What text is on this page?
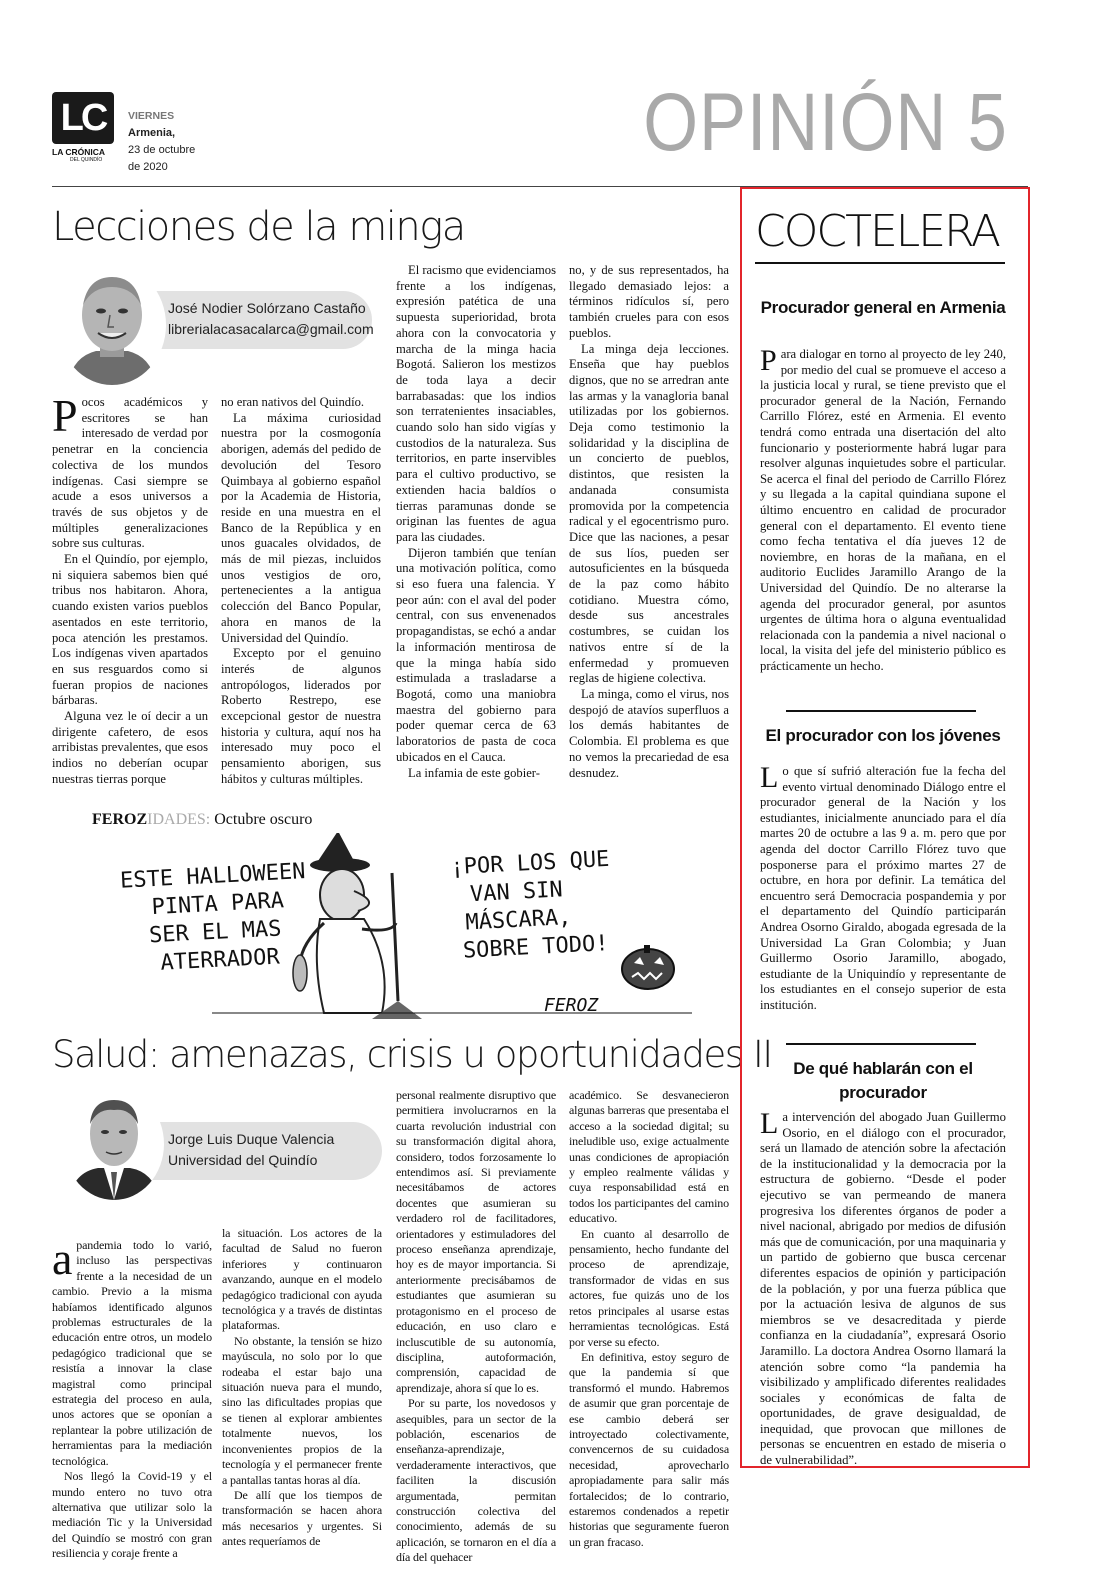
LC
LA CRÓNICA
DEL QUINDÍO
VIERNES
Armenia,
23 de octubre
de 2020	OPINIÓN 5
Lecciones de la minga
José Nodier Solórzano Castaño
librerialacasacalarca@gmail.com

Pocos académicos y escritores se han interesado de verdad por penetrar en la conciencia colectiva de los mundos indígenas. Casi siempre se acude a esos universos a través de sus objetos y de múltiples generalizaciones sobre sus culturas.

En el Quindío, por ejemplo, ni siquiera sabemos bien qué tribus nos habitaron. Ahora, cuando existen varios pueblos asentados en este territorio, poca atención les prestamos. Los indígenas viven apartados en sus resguardos como si fueran propios de naciones bárbaras.

Alguna vez le oí decir a un dirigente cafetero, de esos arribistas prevalentes, que esos indios no deberían ocupar nuestras tierras porque

no eran nativos del Quindío.

La máxima curiosidad nuestra por la cosmogonía aborigen, además del pedido de devolución del Tesoro Quimbaya al gobierno español por la Academia de Historia, reside en una muestra en el Banco de la República y en unos guacales olvidados, de más de mil piezas, incluidos unos vestigios de oro, pertenecientes a la antigua colección del Banco Popular, ahora en manos de la Universidad del Quindío.

Excepto por el genuino interés de algunos antropólogos, liderados por Roberto Restrepo, ese excepcional gestor de nuestra historia y cultura, aquí nos ha interesado muy poco el pensamiento aborigen, sus hábitos y culturas múltiples.

El racismo que evidenciamos frente a los indígenas, expresión patética de una supuesta superioridad, brota ahora con la convocatoria y marcha de la minga hacia Bogotá. Salieron los mestizos de toda laya a decir barrabasadas: que los indios son terratenientes insaciables, cuando solo han sido vigías y custodios de la naturaleza. Sus territorios, en parte inservibles para el cultivo productivo, se extienden hacia baldíos o tierras paramunas donde se originan las fuentes de agua para las ciudades.

Dijeron también que tenían una motivación política, como si eso fuera una falencia. Y peor aún: con el aval del poder central, con sus envenenados propagandistas, se echó a andar la información mentirosa de que la minga había sido estimulada a trasladarse a Bogotá, como una maniobra maestra del gobierno para poder quemar cerca de 63 laboratorios de pasta de coca ubicados en el Cauca.

La infamia de este gobier-

no, y de sus representados, ha llegado demasiado lejos: a términos ridículos sí, pero también crueles para con esos pueblos.

La minga deja lecciones. Enseña que hay pueblos dignos, que no se arredran ante las armas y la vanagloria banal utilizadas por los gobiernos. Deja como testimonio la solidaridad y la disciplina de un concierto de pueblos, distintos, que resisten la andanada consumista promovida por la competencia radical y el egocentrismo puro. Dice que las naciones, a pesar de sus líos, pueden ser autosuficientes en la búsqueda de la paz como hábito cotidiano. Muestra cómo, desde sus ancestrales costumbres, se cuidan los nativos entre sí de la enfermedad y promueven reglas de higiene colectiva.

La minga, como el virus, nos despojó de atavíos superfluos a los demás habitantes de Colombia. El problema es que no vemos la precariedad de esa desnudez.

FEROZIDADES: Octubre oscuro
ESTE HALLOWEEN
PINTA PARA
SER EL MAS
ATERRADOR
¡POR LOS QUE
VAN SIN
MÁSCARA,
SOBRE TODO!
FEROZ
Salud: amenazas, crisis u oportunidades II
Jorge Luis Duque Valencia
Universidad del Quindío

apandemia todo lo varió, incluso las perspectivas frente a la necesidad de un cambio. Previo a la misma habíamos identificado algunos problemas estructurales de la educación entre otros, un modelo pedagógico tradicional que se resistía a innovar la clase magistral como principal estrategia del proceso en aula, unos actores que se oponían a replantear la pobre utilización de herramientas para la mediación tecnológica.

Nos llegó la Covid-19 y el mundo entero no tuvo otra alternativa que utilizar solo la mediación Tic y la Universidad del Quindío se mostró con gran resiliencia y coraje frente a

la situación. Los actores de la facultad de Salud no fueron inferiores y continuaron avanzando, aunque en el modelo pedagógico tradicional con ayuda tecnológica y a través de distintas plataformas.

No obstante, la tensión se hizo mayúscula, no solo por lo que rodeaba el estar bajo una situación nueva para el mundo, sino las dificultades propias que se tienen al explorar ambientes totalmente nuevos, los inconvenientes propios de la tecnología y el permanecer frente a pantallas tantas horas al día.

De allí que los tiempos de transformación se hacen ahora más necesarios y urgentes. Si antes requeríamos de

personal realmente disruptivo que permitiera involucrarnos en la cuarta revolución industrial con su transformación digital ahora, considero, todos forzosamente lo entendimos así. Si previamente necesitábamos de actores docentes que asumieran su verdadero rol de facilitadores, orientadores y estimuladores del proceso enseñanza aprendizaje, hoy es de mayor importancia. Si anteriormente precisábamos de estudiantes que asumieran su protagonismo en el proceso de educación, en uso claro e incluscutible de su autonomía, disciplina, autoformación, comprensión, capacidad de aprendizaje, ahora sí que lo es.

Por su parte, los novedosos y asequibles, para un sector de la población, escenarios de enseñanza-aprendizaje, verdaderamente interactivos, que faciliten la discusión argumentada, permitan construcción colectiva del conocimiento, además de su aplicación, se tornaron en el día a día del quehacer

académico. Se desvanecieron algunas barreras que presentaba el acceso a la sociedad digital; su ineludible uso, exige actualmente unas condiciones de apropiación y empleo realmente válidas y cuya responsabilidad está en todos los participantes del camino educativo.

En cuanto al desarrollo de pensamiento, hecho fundante del proceso de aprendizaje, transformador de vidas en sus actores, fue quizás uno de los retos principales al usarse estas herramientas tecnológicas. Está por verse su efecto.

En definitiva, estoy seguro de que la pandemia sí que transformó el mundo. Habremos de asumir que gran porcentaje de ese cambio deberá ser introyectado colectivamente, convencernos de su cuidadosa necesidad, aprovecharlo apropiadamente para salir más fortalecidos; de lo contrario, estaremos condenados a repetir historias que seguramente fueron un gran fracaso.

COCTELERA
Procurador general en Armenia
Para dialogar en torno al proyecto de ley 240, por medio del cual se promueve el acceso a la justicia local y rural, se tiene previsto que el procurador general de la Nación, Fernando Carrillo Flórez, esté en Armenia. El evento tendrá como entrada una disertación del alto funcionario y posteriormente habrá lugar para resolver algunas inquietudes sobre el particular. Se acerca el final del periodo de Carrillo Flórez y su llegada a la capital quindiana supone el último encuentro en calidad de procurador general con el departamento. El evento tiene como fecha tentativa el día jueves 12 de noviembre, en horas de la mañana, en el auditorio Euclides Jaramillo Arango de la Universidad del Quindío. De no alterarse la agenda del procurador general, por asuntos urgentes de última hora o alguna eventualidad relacionada con la pandemia a nivel nacional o local, la visita del jefe del ministerio público es prácticamente un hecho.
El procurador con los jóvenes
Lo que sí sufrió alteración fue la fecha del evento virtual denominado Diálogo entre el procurador general de la Nación y los estudiantes, inicialmente anunciado para el día martes 20 de octubre a las 9 a. m. pero que por agenda del doctor Carrillo Flórez tuvo que posponerse para el próximo martes 27 de octubre, en hora por definir. La temática del encuentro será Democracia pospandemia y por el departamento del Quindío participarán Andrea Osorno Giraldo, abogada egresada de la Universidad La Gran Colombia; y Juan Guillermo Osorio Jaramillo, abogado, estudiante de la Uniquindío y representante de los estudiantes en el consejo superior de esta institución.
De qué hablarán con el procurador
La intervención del abogado Juan Guillermo Osorio, en el diálogo con el procurador, será un llamado de atención sobre la afectación de la institucionalidad y la democracia por la estructura de gobierno. “Desde el poder ejecutivo se van permeando de manera progresiva los diferentes órganos de poder a nivel nacional, abrigado por medios de difusión más que de comunicación, por una maquinaria y un partido de gobierno que busca cercenar diferentes espacios de opinión y participación de la población, y por una fuerza pública que por la actuación lesiva de algunos de sus miembros se ve desacreditada y pierde confianza en la ciudadanía”, expresará Osorio Jaramillo. La doctora Andrea Osorno llamará la atención sobre como “la pandemia ha visibilizado y amplificado diferentes realidades sociales y económicas de falta de oportunidades, de grave desigualdad, de inequidad, que provocan que millones de personas se encuentren en estado de miseria o de vulnerabilidad”.
